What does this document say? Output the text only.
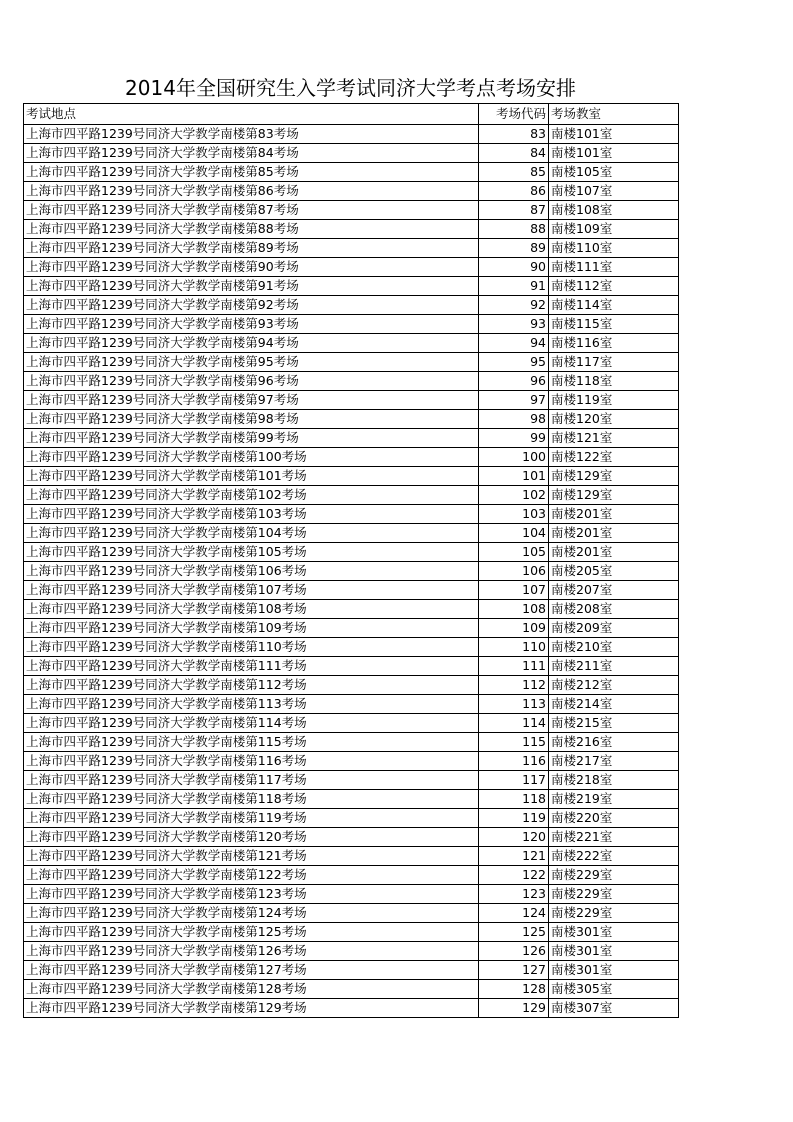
2014年全国研究生入学考试同济大学考点考场安排
考试地点	考场代码	考场教室
上海市四平路1239号同济大学教学南楼第83考场	83	南楼101室
上海市四平路1239号同济大学教学南楼第84考场	84	南楼101室
上海市四平路1239号同济大学教学南楼第85考场	85	南楼105室
上海市四平路1239号同济大学教学南楼第86考场	86	南楼107室
上海市四平路1239号同济大学教学南楼第87考场	87	南楼108室
上海市四平路1239号同济大学教学南楼第88考场	88	南楼109室
上海市四平路1239号同济大学教学南楼第89考场	89	南楼110室
上海市四平路1239号同济大学教学南楼第90考场	90	南楼111室
上海市四平路1239号同济大学教学南楼第91考场	91	南楼112室
上海市四平路1239号同济大学教学南楼第92考场	92	南楼114室
上海市四平路1239号同济大学教学南楼第93考场	93	南楼115室
上海市四平路1239号同济大学教学南楼第94考场	94	南楼116室
上海市四平路1239号同济大学教学南楼第95考场	95	南楼117室
上海市四平路1239号同济大学教学南楼第96考场	96	南楼118室
上海市四平路1239号同济大学教学南楼第97考场	97	南楼119室
上海市四平路1239号同济大学教学南楼第98考场	98	南楼120室
上海市四平路1239号同济大学教学南楼第99考场	99	南楼121室
上海市四平路1239号同济大学教学南楼第100考场	100	南楼122室
上海市四平路1239号同济大学教学南楼第101考场	101	南楼129室
上海市四平路1239号同济大学教学南楼第102考场	102	南楼129室
上海市四平路1239号同济大学教学南楼第103考场	103	南楼201室
上海市四平路1239号同济大学教学南楼第104考场	104	南楼201室
上海市四平路1239号同济大学教学南楼第105考场	105	南楼201室
上海市四平路1239号同济大学教学南楼第106考场	106	南楼205室
上海市四平路1239号同济大学教学南楼第107考场	107	南楼207室
上海市四平路1239号同济大学教学南楼第108考场	108	南楼208室
上海市四平路1239号同济大学教学南楼第109考场	109	南楼209室
上海市四平路1239号同济大学教学南楼第110考场	110	南楼210室
上海市四平路1239号同济大学教学南楼第111考场	111	南楼211室
上海市四平路1239号同济大学教学南楼第112考场	112	南楼212室
上海市四平路1239号同济大学教学南楼第113考场	113	南楼214室
上海市四平路1239号同济大学教学南楼第114考场	114	南楼215室
上海市四平路1239号同济大学教学南楼第115考场	115	南楼216室
上海市四平路1239号同济大学教学南楼第116考场	116	南楼217室
上海市四平路1239号同济大学教学南楼第117考场	117	南楼218室
上海市四平路1239号同济大学教学南楼第118考场	118	南楼219室
上海市四平路1239号同济大学教学南楼第119考场	119	南楼220室
上海市四平路1239号同济大学教学南楼第120考场	120	南楼221室
上海市四平路1239号同济大学教学南楼第121考场	121	南楼222室
上海市四平路1239号同济大学教学南楼第122考场	122	南楼229室
上海市四平路1239号同济大学教学南楼第123考场	123	南楼229室
上海市四平路1239号同济大学教学南楼第124考场	124	南楼229室
上海市四平路1239号同济大学教学南楼第125考场	125	南楼301室
上海市四平路1239号同济大学教学南楼第126考场	126	南楼301室
上海市四平路1239号同济大学教学南楼第127考场	127	南楼301室
上海市四平路1239号同济大学教学南楼第128考场	128	南楼305室
上海市四平路1239号同济大学教学南楼第129考场	129	南楼307室
